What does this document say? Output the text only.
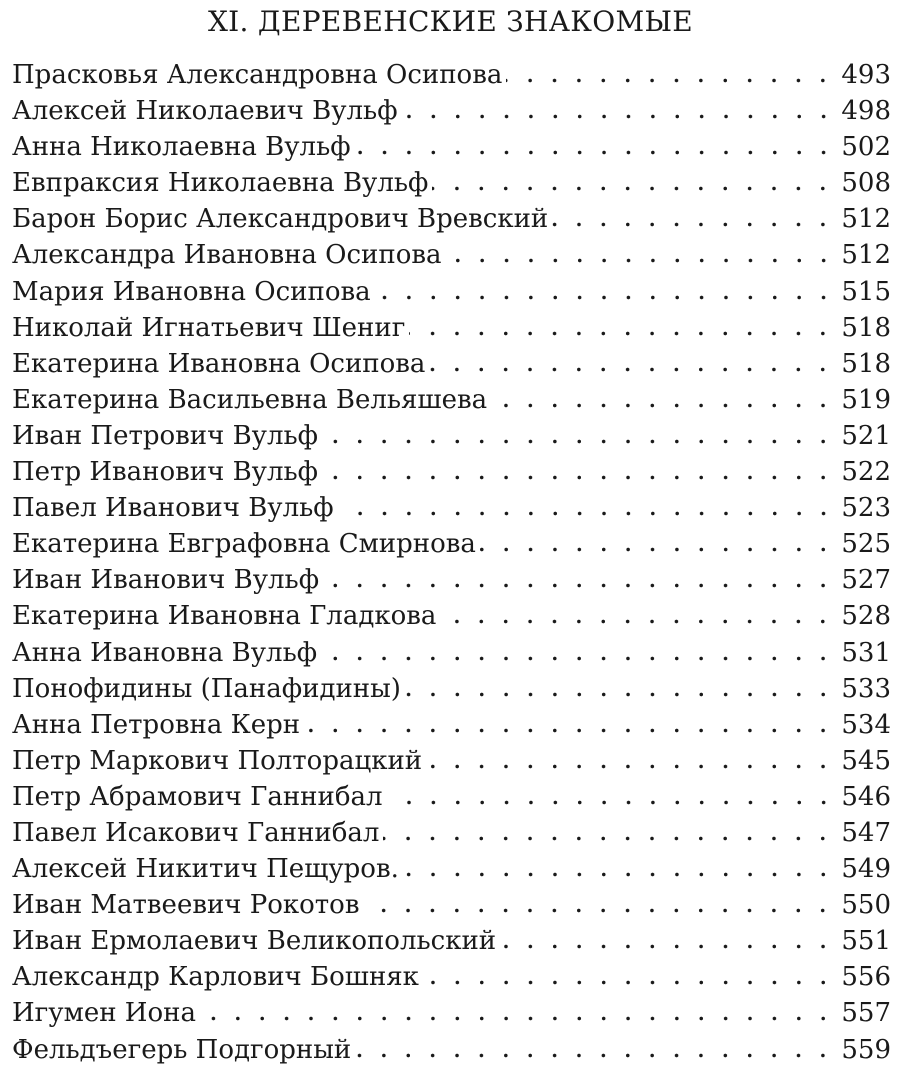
XI. ДЕРЕВЕНСКИЕ ЗНАКОМЫЕ
Прасковья Александровна Осипова	493
Алексей Николаевич Вульф	498
Анна Николаевна Вульф	502
Евпраксия Николаевна Вульф	508
Барон Борис Александрович Вревский	512
Александра Ивановна Осипова	512
Мария Ивановна Осипова	515
Николай Игнатьевич Шениг	518
Екатерина Ивановна Осипова	518
Екатерина Васильевна Вельяшева	519
Иван Петрович Вульф	521
Петр Иванович Вульф	522
Павел Иванович Вульф	523
Екатерина Евграфовна Смирнова	525
Иван Иванович Вульф	527
Екатерина Ивановна Гладкова	528
Анна Ивановна Вульф	531
Понофидины (Панафидины)	533
Анна Петровна Керн	534
Петр Маркович Полторацкий	545
Петр Абрамович Ганнибал	546
Павел Исакович Ганнибал	547
Алексей Никитич Пещуров.	549
Иван Матвеевич Рокотов	550
Иван Ермолаевич Великопольский	551
Александр Карлович Бошняк	556
Игумен Иона	557
Фельдъегерь Подгорный	559
